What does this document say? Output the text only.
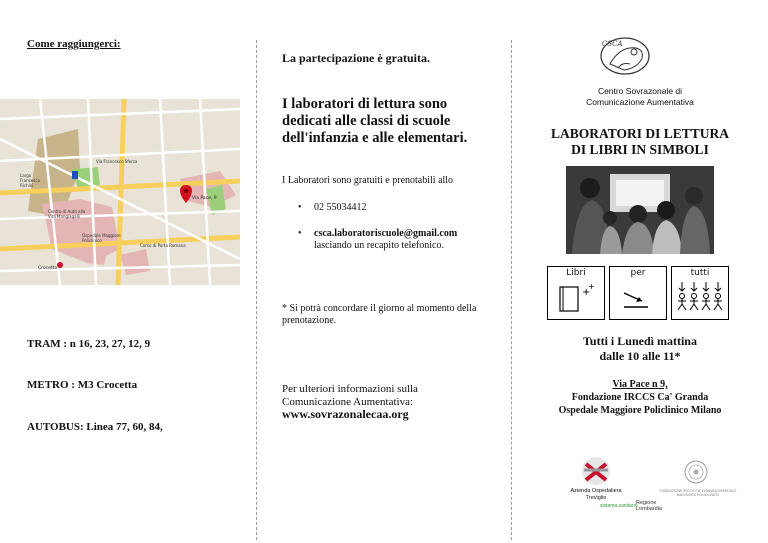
Come raggiungerci:
Largo Francesco Richini
Centro di Auto alla Vita Mangiagalli
Ospedale Maggiore Policlinico
Via Pace, 9
Crocetta
Via Francesco Sforza
Corso di Porta Romana
TRAM : n 16, 23, 27, 12, 9
METRO : M3 Crocetta
AUTOBUS: Linea 77, 60, 84,
La partecipazione è gratuita.
I laboratori di lettura sono dedicati alle classi di scuole dell'infanzia e alle elementari.
I Laboratori sono gratuiti e prenotabili allo
• 02 55034412
• csca.laboratoriscuole@gmail.com
lasciando un recapito telefonico.
* Si potrà concordare il giorno al momento della prenotazione.
Per ulteriori informazioni sulla
Comunicazione Aumentativa:
www.sovrazonalecaa.org
CSCA
Centro Sovrazonale di
Comunicazione Aumentativa
LABORATORI DI LETTURA
DI LIBRI IN SIMBOLI
Libri
+
+
per	tutti
Tutti i Lunedì mattina
dalle 10 alle 11*
Via Pace n 9,
Fondazione IRCCS Ca' Granda
Ospedale Maggiore Policlinico Milano
Azienda Ospedaliera
Treviglio
FONDAZIONE IRCCS CA' GRANDA OSPEDALE MAGGIORE POLICLINICO
sistema sanitario
Regione
Lombardia
